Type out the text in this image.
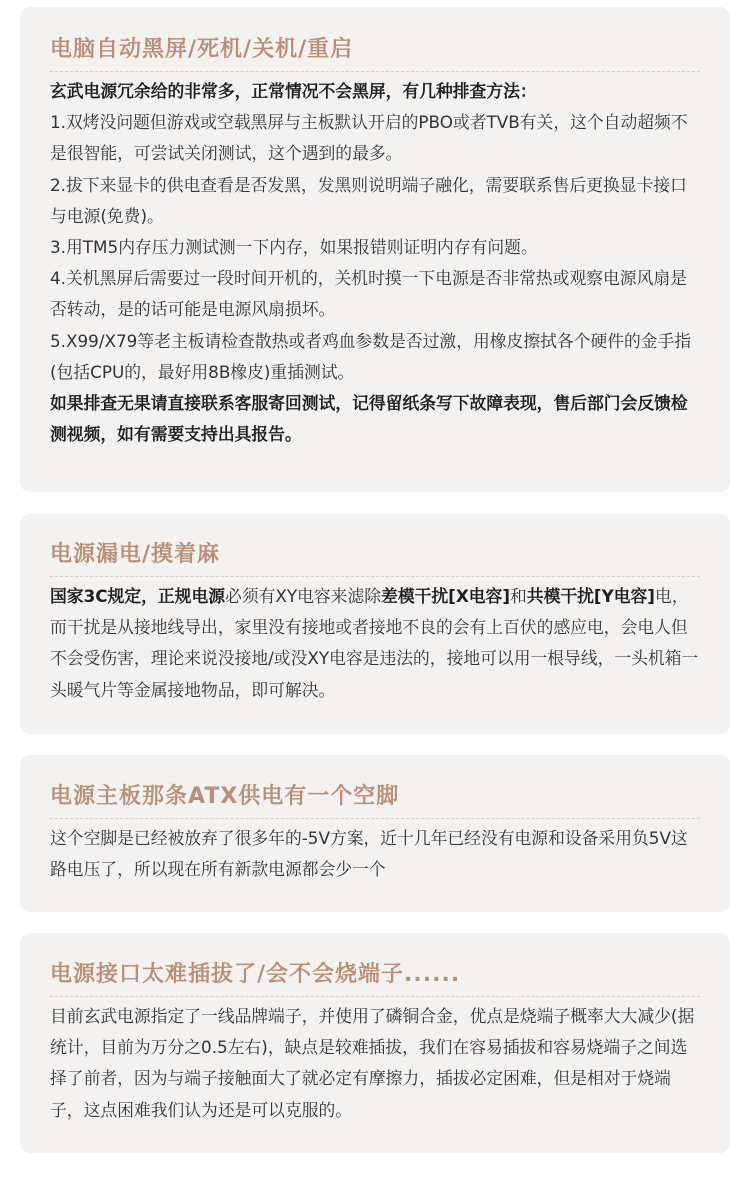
电脑自动黑屏/死机/关机/重启

玄武电源冗余给的非常多，正常情况不会黑屏，有几种排查方法：

1.双烤没问题但游戏或空载黑屏与主板默认开启的PBO或者TVB有关，这个自动超频不是很智能，可尝试关闭测试，这个遇到的最多。

2.拔下来显卡的供电查看是否发黑，发黑则说明端子融化，需要联系售后更换显卡接口与电源(免费)。

3.用TM5内存压力测试测一下内存，如果报错则证明内存有问题。

4.关机黑屏后需要过一段时间开机的，关机时摸一下电源是否非常热或观察电源风扇是否转动，是的话可能是电源风扇损坏。

5.X99/X79等老主板请检查散热或者鸡血参数是否过激，用橡皮擦拭各个硬件的金手指(包括CPU的，最好用8B橡皮)重插测试。

如果排查无果请直接联系客服寄回测试，记得留纸条写下故障表现，售后部门会反馈检测视频，如有需要支持出具报告。

电源漏电/摸着麻

国家3C规定，正规电源必须有XY电容来滤除差模干扰[X电容]和共模干扰[Y电容]电，而干扰是从接地线导出，家里没有接地或者接地不良的会有上百伏的感应电，会电人但不会受伤害，理论来说没接地/或没XY电容是违法的，接地可以用一根导线，一头机箱一头暖气片等金属接地物品，即可解决。

电源主板那条ATX供电有一个空脚

这个空脚是已经被放弃了很多年的-5V方案，近十几年已经没有电源和设备采用负5V这路电压了，所以现在所有新款电源都会少一个

电源接口太难插拔了/会不会烧端子......

目前玄武电源指定了一线品牌端子，并使用了磷铜合金，优点是烧端子概率大大减少(据统计，目前为万分之0.5左右)，缺点是较难插拔，我们在容易插拔和容易烧端子之间选择了前者，因为与端子接触面大了就必定有摩擦力，插拔必定困难，但是相对于烧端子，这点困难我们认为还是可以克服的。
